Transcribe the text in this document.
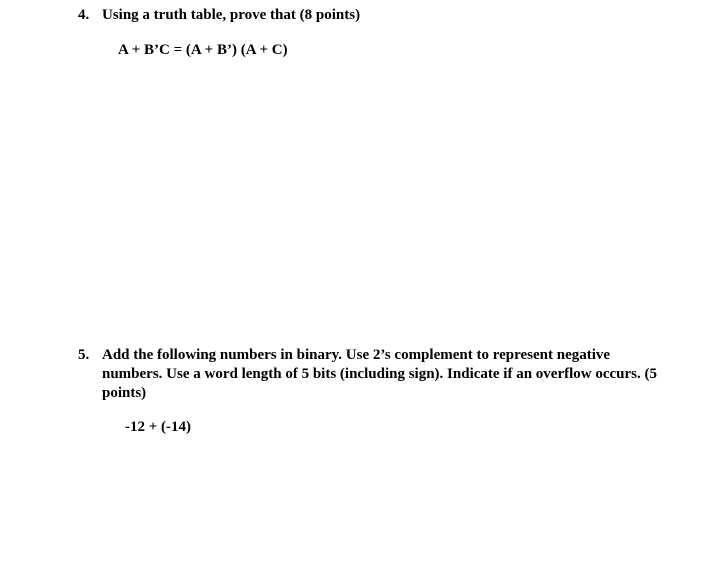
4. Using a truth table, prove that (8 points)
A + B’C = (A + B’) (A + C)
5. Add the following numbers in binary. Use 2’s complement to represent negative numbers. Use a word length of 5 bits (including sign). Indicate if an overflow occurs. (5 points)
-12 + (-14)
